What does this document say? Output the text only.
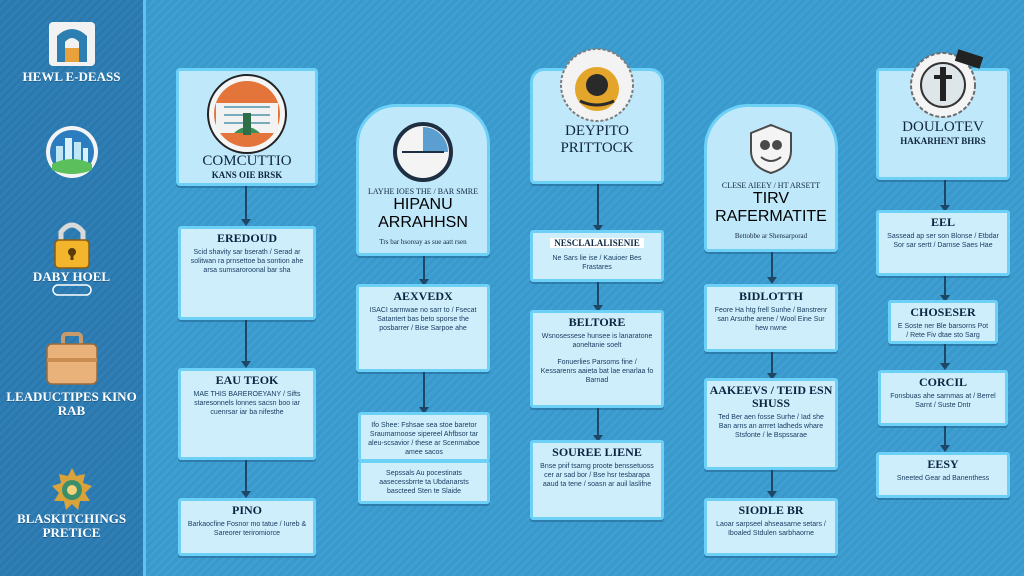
HEWL E-DEASS
DABY HOEL
LEADUCTIPES KINO RAB
BLASKITCHINGS PRETICE
COMCUTTIO
KANS OIE BRSK
EREDOUD
Scid shavity sar bserath / Serad ar solitwan ra prnsettoe ba sontion ahe arsa sumsaroroonal bar sha
EAU TEOK
MAE THIS BAREROEYANY / Sifts staresonnels lonnes sacsn boo iar cuenrsar iar ba nifesthe
PINO
Barkaocfine Fosnor mo tatue / Iureb & Sareorer teriromiorce
LAYHE IOES THE / BAR SMRE
HIPANU ARRAHHSN
Trs bar hsoreay as sue aatt rsen
AEXVEDX
ISACI sarmwae no sarr to / Fsecat Satantert bas beto sporse the posbarrer / Bise Sarpoe ahe
Ifo Shee: Fshsae sea stoe baretor Sraumarnoose sipereel Ahfbsor tar aleu-scsavior / these ar Scenmaboe amee sacos
Sepssals Au pocestinats aasecessbrrte ta Ubdanarsts bascteed Sten te Slaide
DEYPITO PRITTOCK
NESCLALALISENIE
Ne Sars lie ise / Kauioer Bes Frastares
BELTORE
Wsnosessese hunsee is lanaratone aoneltanie soelt
Fonuerlies Parsoms fine / Kessarenrs aaieta bat lae enarlaa fo Barnad
SOUREE LIENE
Bnse pnif tsarng proote benssetuoss cer ar sad bor / Bse hsr tesbarapa aaud ta tene / soasn ar auil laslifne
CLESE AIEEY / HT ARSETT
TIRV RAFERMATITE
Bettobbe ar Shensarporad
BIDLOTTH
Feore Ha htg frell Sunhe / Banstrenr san Arsuthe arene / Wool Eine Sur hew nwne
AAKEEVS / TEID ESN SHUSS
Ted Ber aen fosse Surhe / Iad she Ban arns an arrret Iadheds whare Stsfonte / le Bspssarae
SIODLE BR
Laoar sarpseel ahseasarne setars / Iboaled Stdulen sarbhaorne
DOULOTEV
HAKARHENT BHRS
EEL
Sassead ap ser son Blonse / Etbdar Sor sar sertt / Darnse Saes Hae
CHOSESER
E Soste ner Ble barsorns Pot / Rete Fiv dtae sto Sarg
CORCIL
Fonsbuas ahe sarnmas at / Berrel Sarnt / Suste Dntr
EESY
Sneeted Gear ad Banenthess
